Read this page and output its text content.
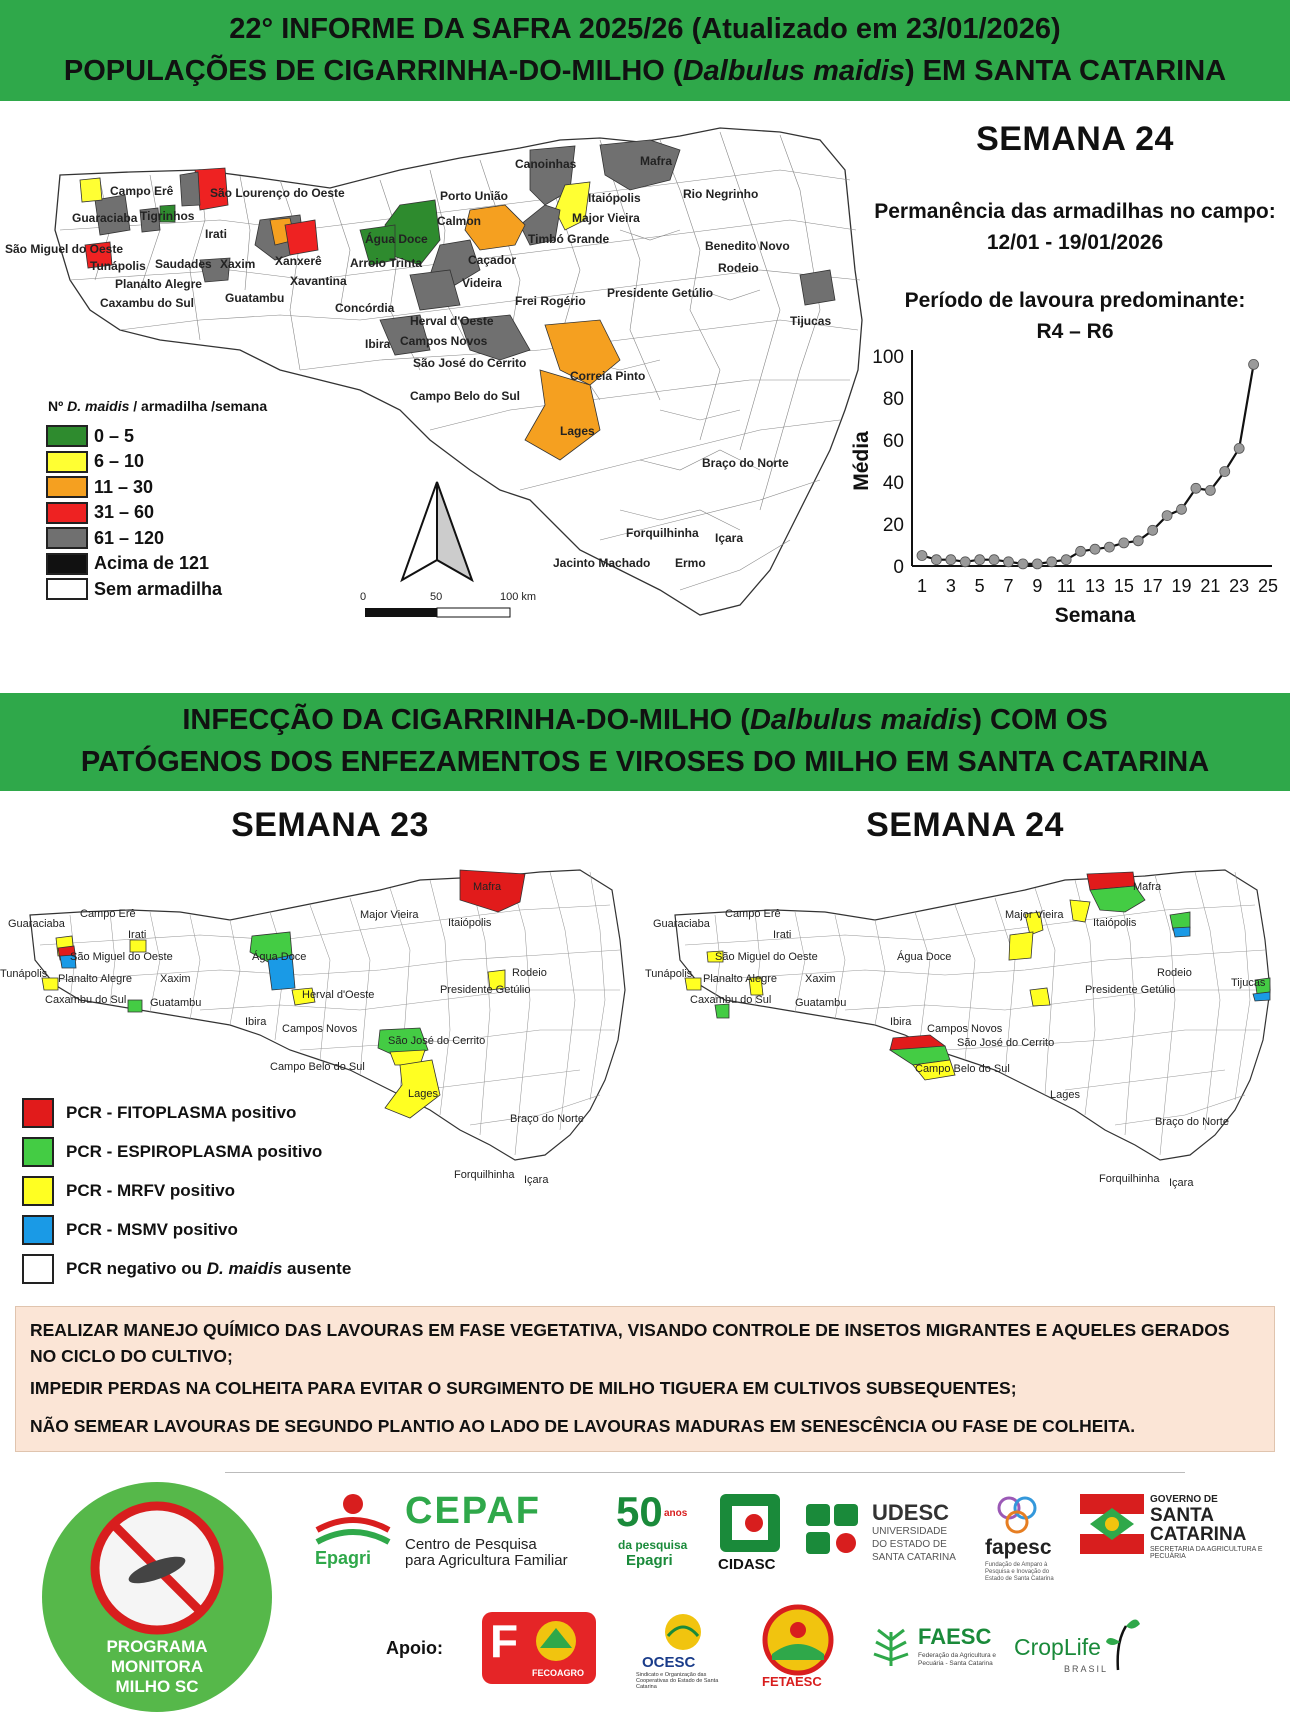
22° INFORME DA SAFRA 2025/26 (Atualizado em 23/01/2026)
POPULAÇÕES DE CIGARRINHA-DO-MILHO (Dalbulus maidis) EM SANTA CATARINA
Campo Erê	São Lourenço do Oeste
Guaraciaba Tigrinhos
São Miguel do Oeste
Irati
Saudades Xaxim Xanxerê
Tunápolis
Planalto Alegre	Xavantina
Caxambu do Sul	Guatambu
Água Doce
Arroio Trinta
Concórdia
Porto União
Calmon
Caçador
Videira
Canoinhas
Itaiópolis
Major Vieira
Timbó Grande
Mafra
Rio Negrinho
Benedito Novo
Rodeio
Frei Rogério
Presidente Getúlio
Herval d'Oeste
Ibira Campos Novos
São José do Cerrito
Correia Pinto
Campo Belo do Sul
Lages
Tijucas
Braço do Norte
Forquilhinha Içara
Jacinto Machado Ermo
0	50	100 km
Nº D. maidis / armadilha /semana
0 – 5
6 – 10
11 – 30
31 – 60
61 – 120
Acima de 121
Sem armadilha
SEMANA 24
Permanência das armadilhas no campo:
12/01 - 19/01/2026
Período de lavoura predominante:
R4 – R6
0
20
40
60
80
100
1 3 5 7 9 11 13 15 17 19 21 23 25
Semana
Média
INFECÇÃO DA CIGARRINHA-DO-MILHO (Dalbulus maidis) COM OS
PATÓGENOS DOS ENFEZAMENTOS E VIROSES DO MILHO EM SANTA CATARINA
SEMANA 23	SEMANA 24
Guaraciaba
Campo Erê
Irati
São Miguel do Oeste
Tunápolis Planalto Alegre	Xaxim
Caxambu do Sul Guatambu
Água Doce
Herval d'Oeste
Ibira
Campos Novos
Major Vieira
Mafra
Itaiópolis
Rodeio
Presidente Getúlio
São José do Cerrito
Campo Belo do Sul
Lages
Braço do Norte
Forquilhinha Içara
Guaraciaba
Campo Erê
Irati
São Miguel do Oeste
Tunápolis Planalto Alegre	Xaxim
Caxambu do Sul Guatambu
Água Doce
Ibira
Campos Novos
Major Vieira
Mafra
Itaiópolis
Rodeio
Presidente Getúlio
Tijucas
São José do Cerrito
Campo Belo do Sul
Lages
Braço do Norte
Forquilhinha Içara
PCR - FITOPLASMA positivo
PCR - ESPIROPLASMA positivo
PCR - MRFV positivo
PCR - MSMV positivo
PCR negativo ou D. maidis ausente

REALIZAR MANEJO QUÍMICO DAS LAVOURAS EM FASE VEGETATIVA, VISANDO CONTROLE DE INSETOS MIGRANTES E AQUELES GERADOS NO CICLO DO CULTIVO;

IMPEDIR PERDAS NA COLHEITA PARA EVITAR O SURGIMENTO DE MILHO TIGUERA EM CULTIVOS SUBSEQUENTES;

NÃO SEMEAR LAVOURAS DE SEGUNDO PLANTIO AO LADO DE LAVOURAS MADURAS EM SENESCÊNCIA OU FASE DE COLHEITA.

PROGRAMA
MONITORA
MILHO SC
Epagri
CEPAF
Centro de Pesquisa
para Agricultura Familiar
50 anos
da pesquisa
Epagri	CIDASC
UDESC
UNIVERSIDADE
DO ESTADO DE
SANTA CATARINA fapesc
Fundação de Amparo à Pesquisa e Inovação do Estado de Santa Catarina
GOVERNO DE
SANTA
CATARINA
SECRETARIA DA AGRICULTURA E PECUÁRIA
Apoio: F
FECOAGRO
OCESC
Sindicato e Organização das Cooperativas do Estado de Santa Catarina	FETAESC
FAESC
Federação da Agricultura e Pecuária - Santa Catarina
CropLife
BRASIL
